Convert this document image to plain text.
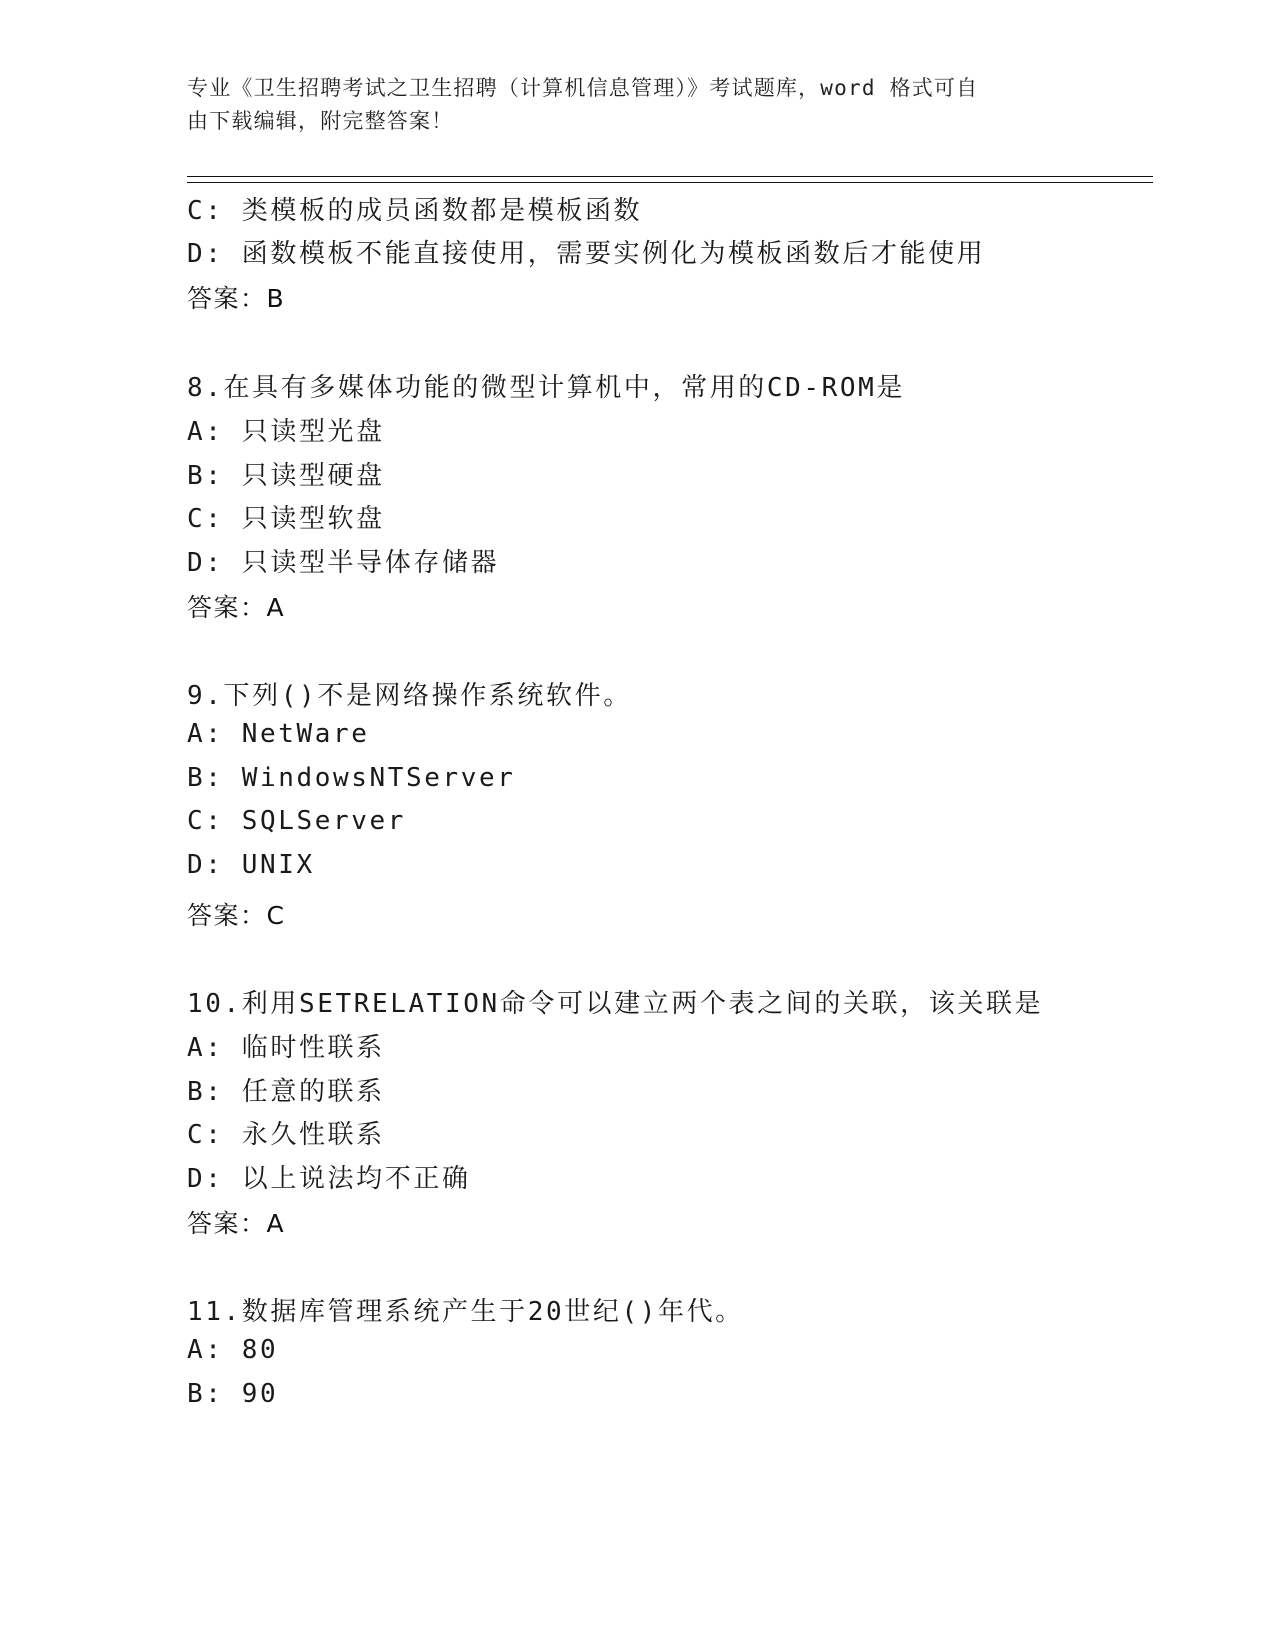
专业《卫生招聘考试之卫生招聘（计算机信息管理）》考试题库，word 格式可自
由下载编辑，附完整答案！
C: 类模板的成员函数都是模板函数
D: 函数模板不能直接使用，需要实例化为模板函数后才能使用
答案：B
8.在具有多媒体功能的微型计算机中，常用的CD-ROM是
A: 只读型光盘
B: 只读型硬盘
C: 只读型软盘
D: 只读型半导体存储器
答案：A
9.下列()不是网络操作系统软件。
A: NetWare
B: WindowsNTServer
C: SQLServer
D: UNIX
答案：C
10.利用SETRELATION命令可以建立两个表之间的关联，该关联是
A: 临时性联系
B: 任意的联系
C: 永久性联系
D: 以上说法均不正确
答案：A
11.数据库管理系统产生于20世纪()年代。
A: 80
B: 90
